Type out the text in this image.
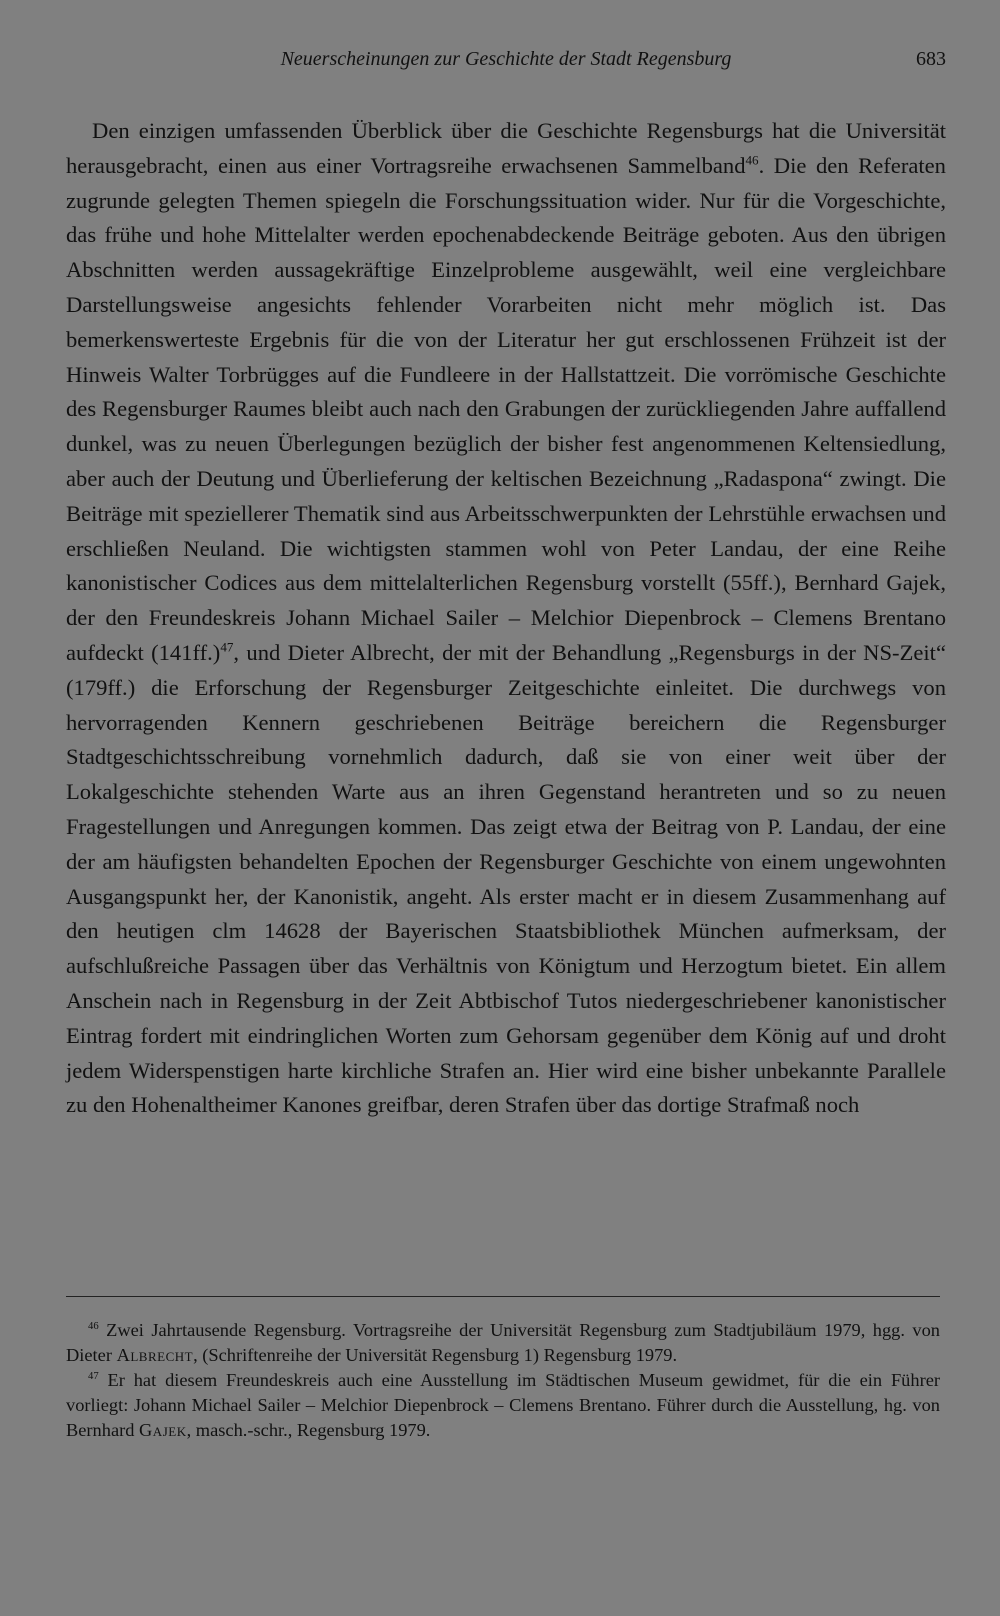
Neuerscheinungen zur Geschichte der Stadt Regensburg	683

Den einzigen umfassenden Überblick über die Geschichte Regensburgs hat die Universität herausgebracht, einen aus einer Vortragsreihe erwachsenen Sammelband$^{46}$. Die den Referaten zugrunde gelegten Themen spiegeln die Forschungssituation wider. Nur für die Vorgeschichte, das frühe und hohe Mittelalter werden epochenabdeckende Beiträge geboten. Aus den übrigen Abschnitten werden aussagekräftige Einzelprobleme ausgewählt, weil eine vergleichbare Darstellungsweise angesichts fehlender Vorarbeiten nicht mehr möglich ist. Das bemerkenswerteste Ergebnis für die von der Literatur her gut erschlossenen Frühzeit ist der Hinweis Walter Torbrügges auf die Fundleere in der Hallstattzeit. Die vorrömische Geschichte des Regensburger Raumes bleibt auch nach den Grabungen der zurückliegenden Jahre auffallend dunkel, was zu neuen Überlegungen bezüglich der bisher fest angenommenen Keltensiedlung, aber auch der Deutung und Überlieferung der keltischen Bezeichnung „Radaspona“ zwingt. Die Beiträge mit speziellerer Thematik sind aus Arbeitsschwerpunkten der Lehrstühle erwachsen und erschließen Neuland. Die wichtigsten stammen wohl von Peter Landau, der eine Reihe kanonistischer Codices aus dem mittelalterlichen Regensburg vorstellt (55ff.), Bernhard Gajek, der den Freundeskreis Johann Michael Sailer – Melchior Diepenbrock – Clemens Brentano aufdeckt $(141ff.)^{47}$, und Dieter Albrecht, der mit der Behandlung „Regensburgs in der NS-Zeit“ (179ff.) die Erforschung der Regensburger Zeitgeschichte einleitet. Die durchwegs von hervorragenden Kennern geschriebenen Beiträge bereichern die Regensburger Stadtgeschichtsschreibung vornehmlich dadurch, daß sie von einer weit über der Lokalgeschichte stehenden Warte aus an ihren Gegenstand herantreten und so zu neuen Fragestellungen und Anregungen kommen. Das zeigt etwa der Beitrag von P. Landau, der eine der am häufigsten behandelten Epochen der Regensburger Geschichte von einem ungewohnten Ausgangspunkt her, der Kanonistik, angeht. Als erster macht er in diesem Zusammenhang auf den heutigen clm 14628 der Bayerischen Staatsbibliothek München aufmerksam, der aufschlußreiche Passagen über das Verhältnis von Königtum und Herzogtum bietet. Ein allem Anschein nach in Regensburg in der Zeit Abtbischof Tutos niedergeschriebener kanonistischer Eintrag fordert mit eindringlichen Worten zum Gehorsam gegenüber dem König auf und droht jedem Widerspenstigen harte kirchliche Strafen an. Hier wird eine bisher unbekannte Parallele zu den Hohenaltheimer Kanones greifbar, deren Strafen über das dortige Strafmaß noch

$^{46}$ Zwei Jahrtausende Regensburg. Vortragsreihe der Universität Regensburg zum Stadtjubiläum 1979, hgg. von Dieter Albrecht, (Schriftenreihe der Universität Regensburg 1) Regensburg 1979.

$^{47}$ Er hat diesem Freundeskreis auch eine Ausstellung im Städtischen Museum gewidmet, für die ein Führer vorliegt: Johann Michael Sailer – Melchior Diepenbrock – Clemens Brentano. Führer durch die Ausstellung, hg. von Bernhard Gajek, masch.-schr., Regensburg 1979.
